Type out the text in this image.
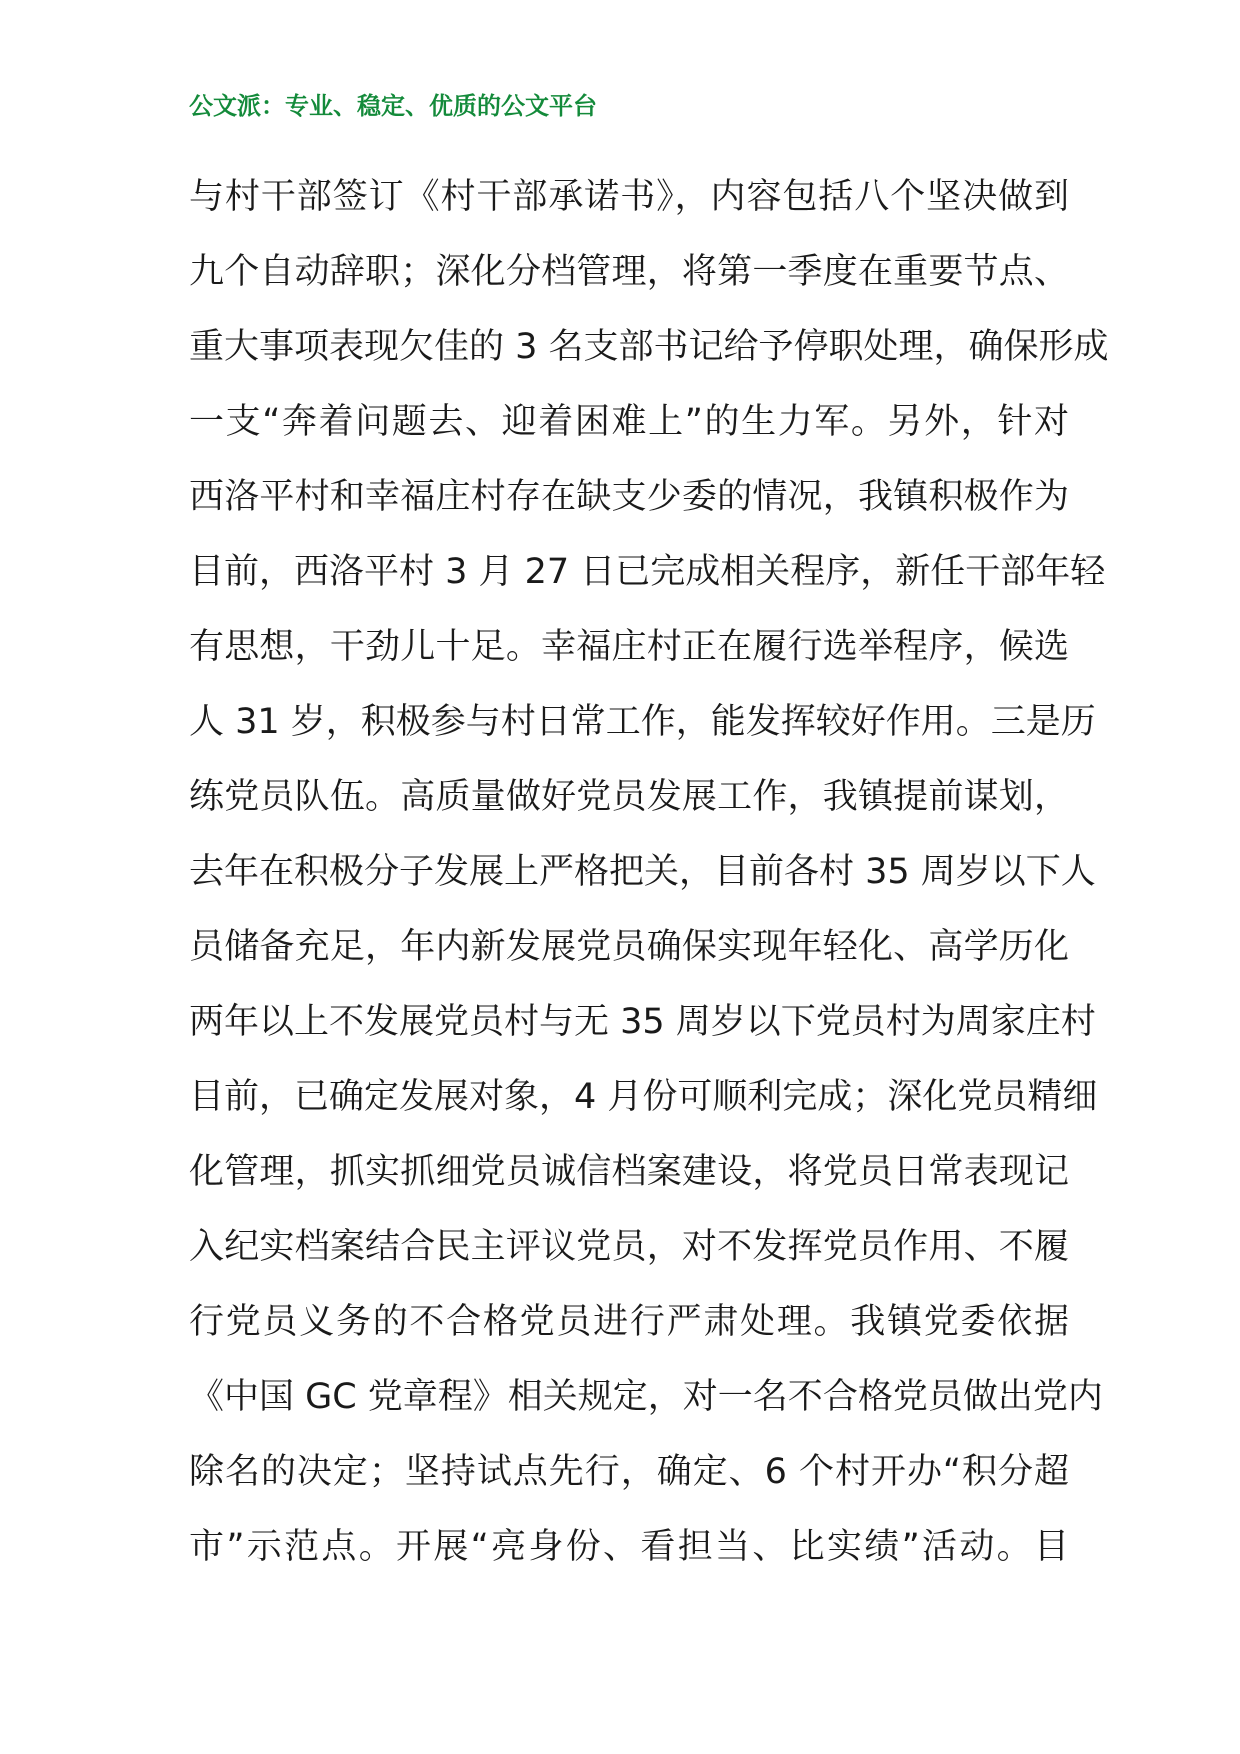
公文派：专业、稳定、优质的公文平台
与村干部签订《村干部承诺书》，内容包括八个坚决做到
九个自动辞职；深化分档管理，将第一季度在重要节点、
重大事项表现欠佳的 3 名支部书记给予停职处理，确保形成
一支“奔着问题去、迎着困难上”的生力军。另外，针对
西洛平村和幸福庄村存在缺支少委的情况，我镇积极作为
目前，西洛平村 3 月 27 日已完成相关程序，新任干部年轻
有思想，干劲儿十足。幸福庄村正在履行选举程序，候选
人 31 岁，积极参与村日常工作，能发挥较好作用。三是历
练党员队伍。高质量做好党员发展工作，我镇提前谋划，
去年在积极分子发展上严格把关，目前各村 35 周岁以下人
员储备充足，年内新发展党员确保实现年轻化、高学历化
两年以上不发展党员村与无 35 周岁以下党员村为周家庄村
目前，已确定发展对象，4 月份可顺利完成；深化党员精细
化管理，抓实抓细党员诚信档案建设，将党员日常表现记
入纪实档案结合民主评议党员，对不发挥党员作用、不履
行党员义务的不合格党员进行严肃处理。我镇党委依据
《中国 GC 党章程》相关规定，对一名不合格党员做出党内
除名的决定；坚持试点先行，确定、6 个村开办“积分超
市”示范点。开展“亮身份、看担当、比实绩”活动。目
